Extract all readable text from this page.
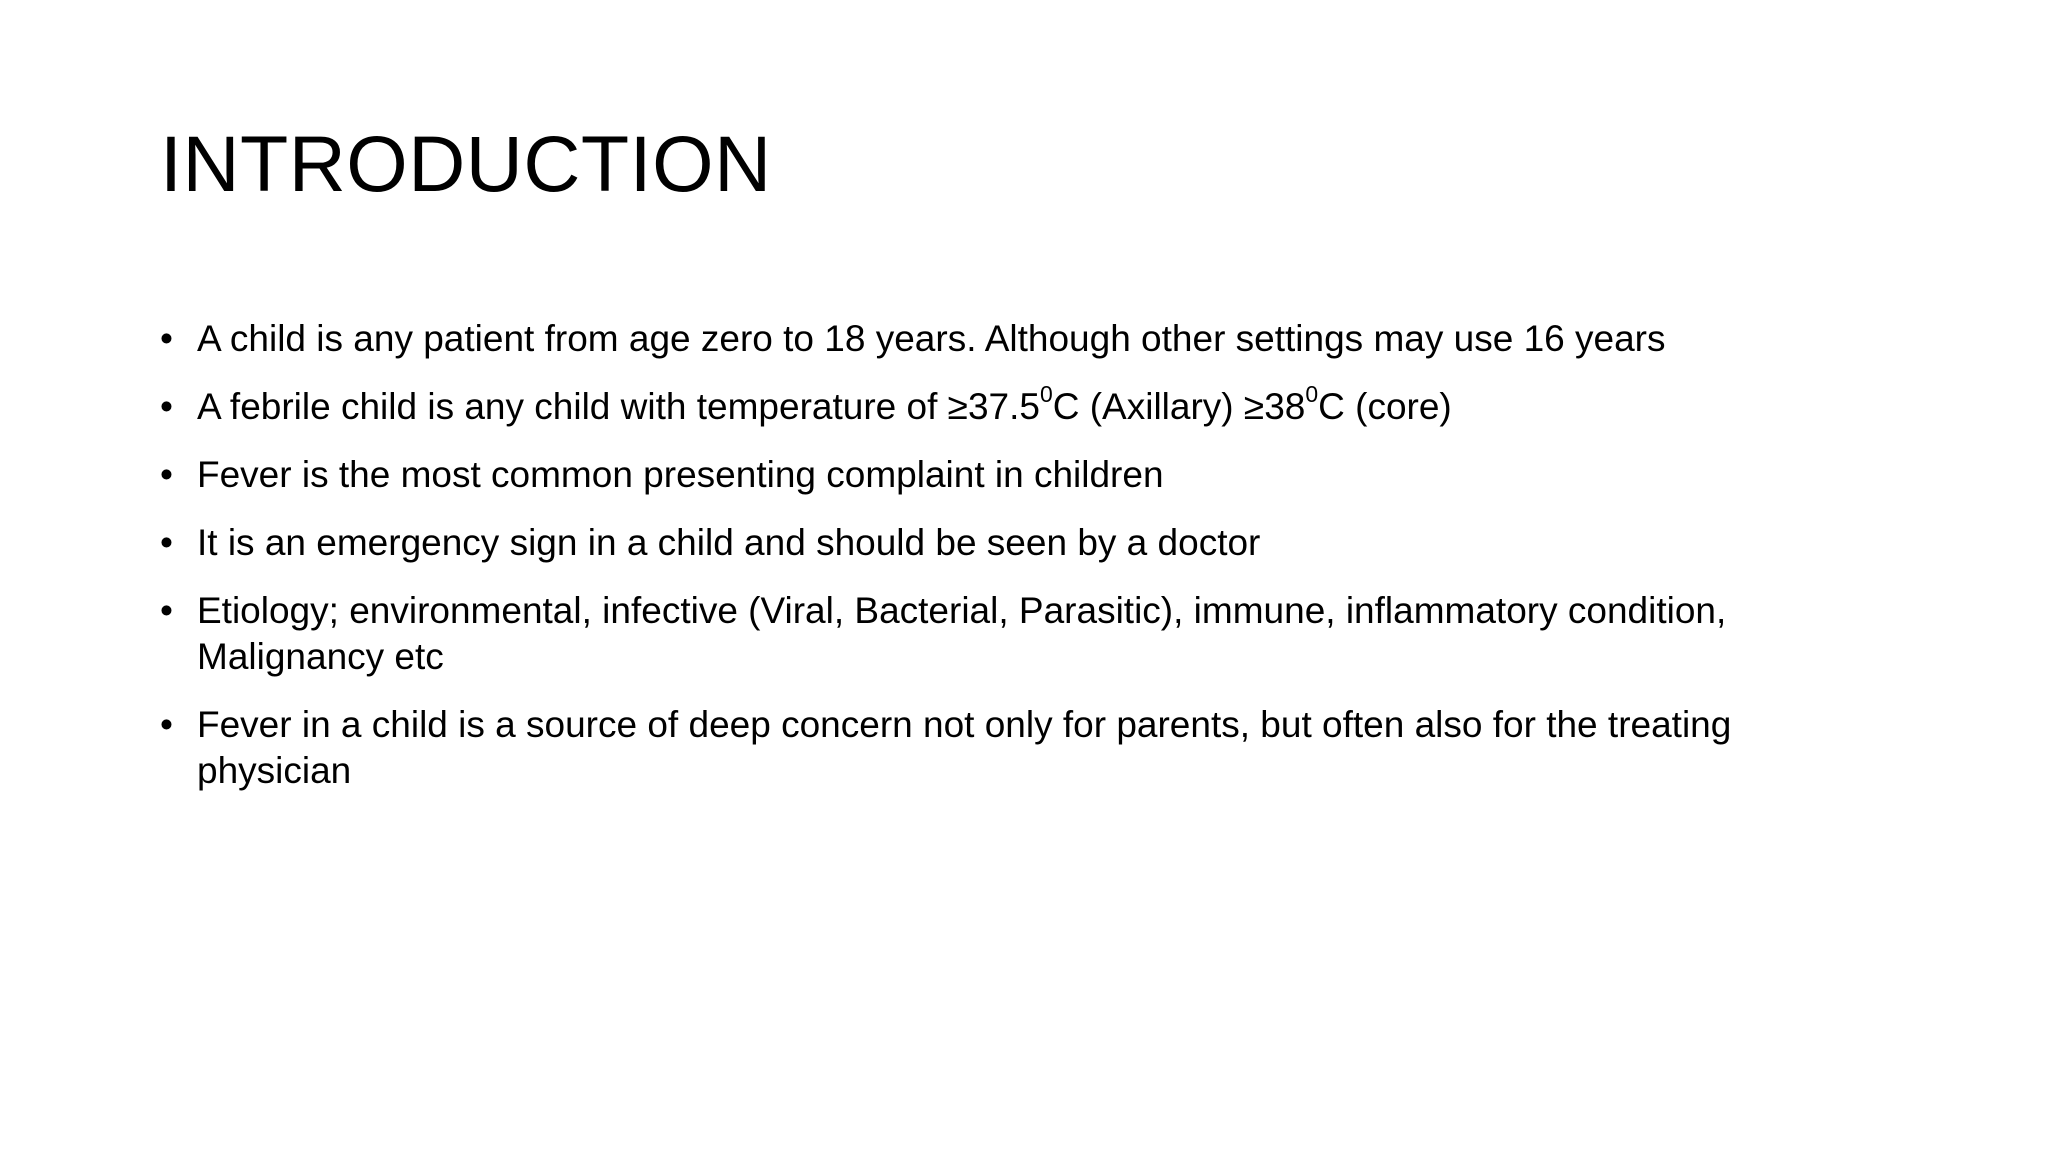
INTRODUCTION
• A child is any patient from age zero to 18 years. Although other settings may use 16 years
• A febrile child is any child with temperature of $\ge 37.5^0C$ (Axillary) $\ge 38^0C$ (core)
• Fever is the most common presenting complaint in children
• It is an emergency sign in a child and should be seen by a doctor
• Etiology; environmental, infective (Viral, Bacterial, Parasitic), immune, inflammatory condition, Malignancy etc
• Fever in a child is a source of deep concern not only for parents, but often also for the treating physician
